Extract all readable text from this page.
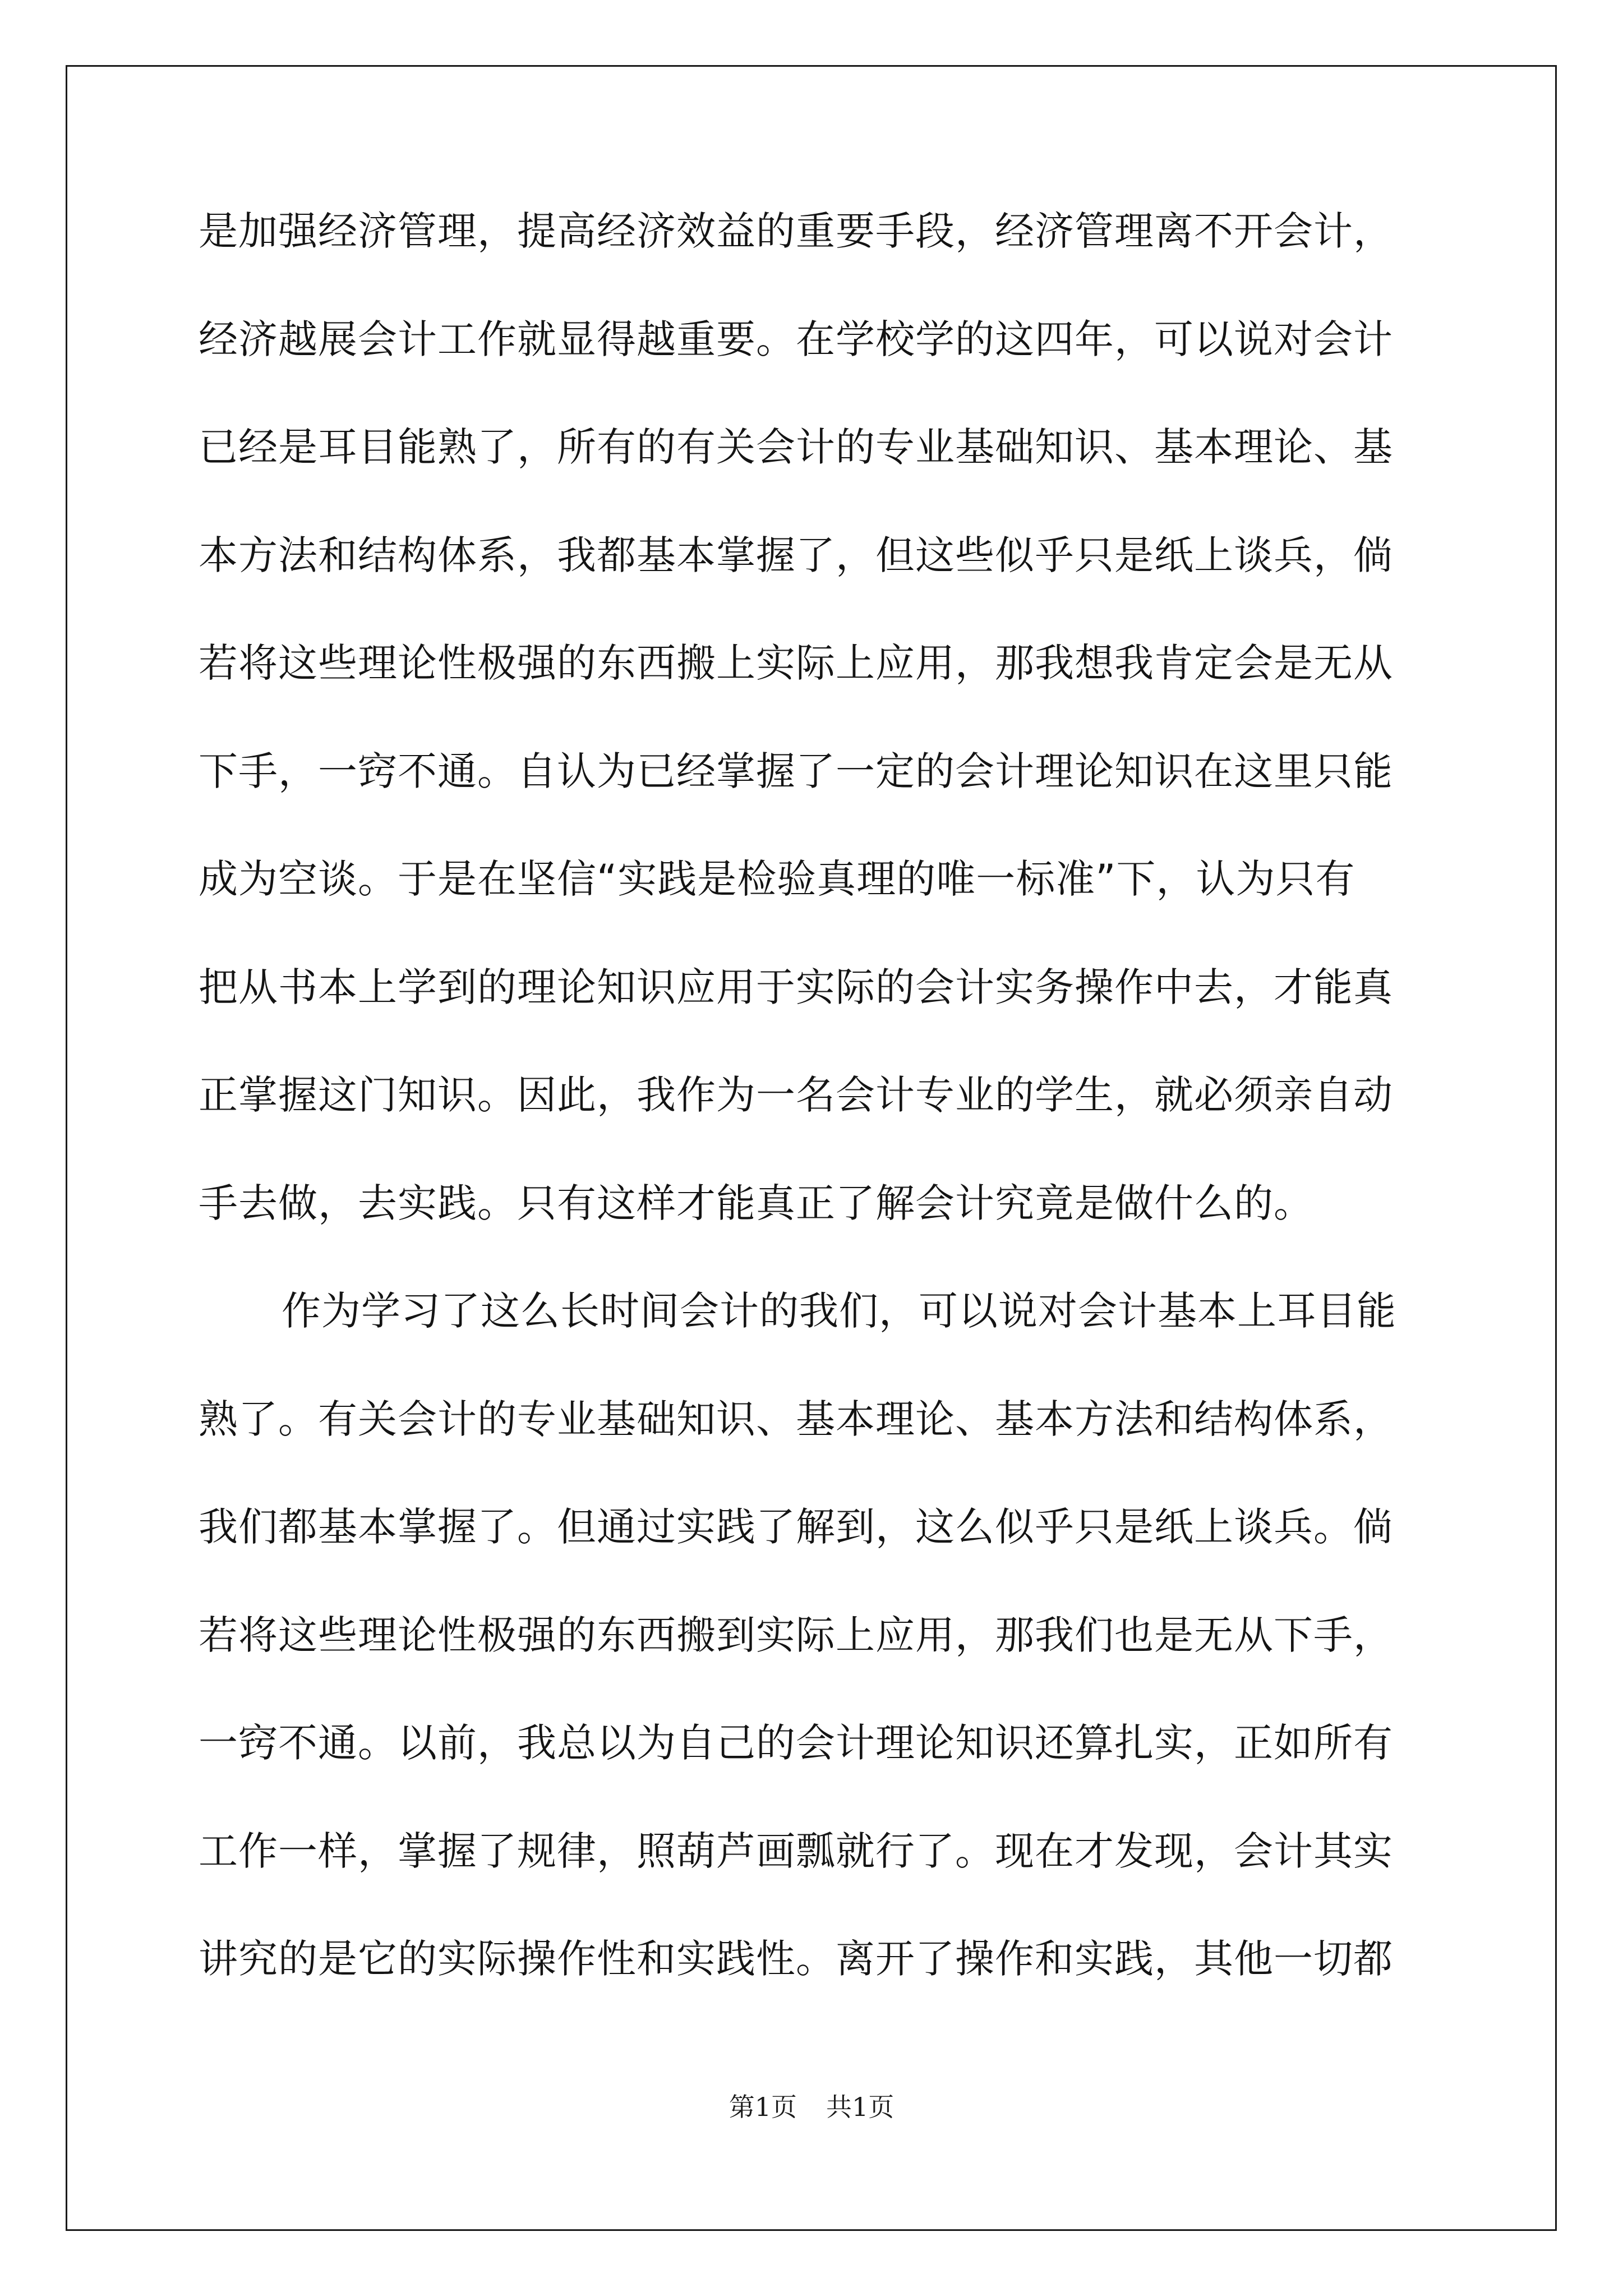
是加强经济管理，提高经济效益的重要手段，经济管理离不开会计，
经济越展会计工作就显得越重要。在学校学的这四年，可以说对会计
已经是耳目能熟了，所有的有关会计的专业基础知识、基本理论、基
本方法和结构体系，我都基本掌握了，但这些似乎只是纸上谈兵，倘
若将这些理论性极强的东西搬上实际上应用，那我想我肯定会是无从
下手，一窍不通。自认为已经掌握了一定的会计理论知识在这里只能
成为空谈。于是在坚信“实践是检验真理的唯一标准”下，认为只有
把从书本上学到的理论知识应用于实际的会计实务操作中去，才能真
正掌握这门知识。因此，我作为一名会计专业的学生，就必须亲自动
手去做，去实践。只有这样才能真正了解会计究竟是做什么的。
作为学习了这么长时间会计的我们，可以说对会计基本上耳目能
熟了。有关会计的专业基础知识、基本理论、基本方法和结构体系，
我们都基本掌握了。但通过实践了解到，这么似乎只是纸上谈兵。倘
若将这些理论性极强的东西搬到实际上应用，那我们也是无从下手，
一窍不通。以前，我总以为自己的会计理论知识还算扎实，正如所有
工作一样，掌握了规律，照葫芦画瓢就行了。现在才发现，会计其实
讲究的是它的实际操作性和实践性。离开了操作和实践，其他一切都
第1页 共1页
